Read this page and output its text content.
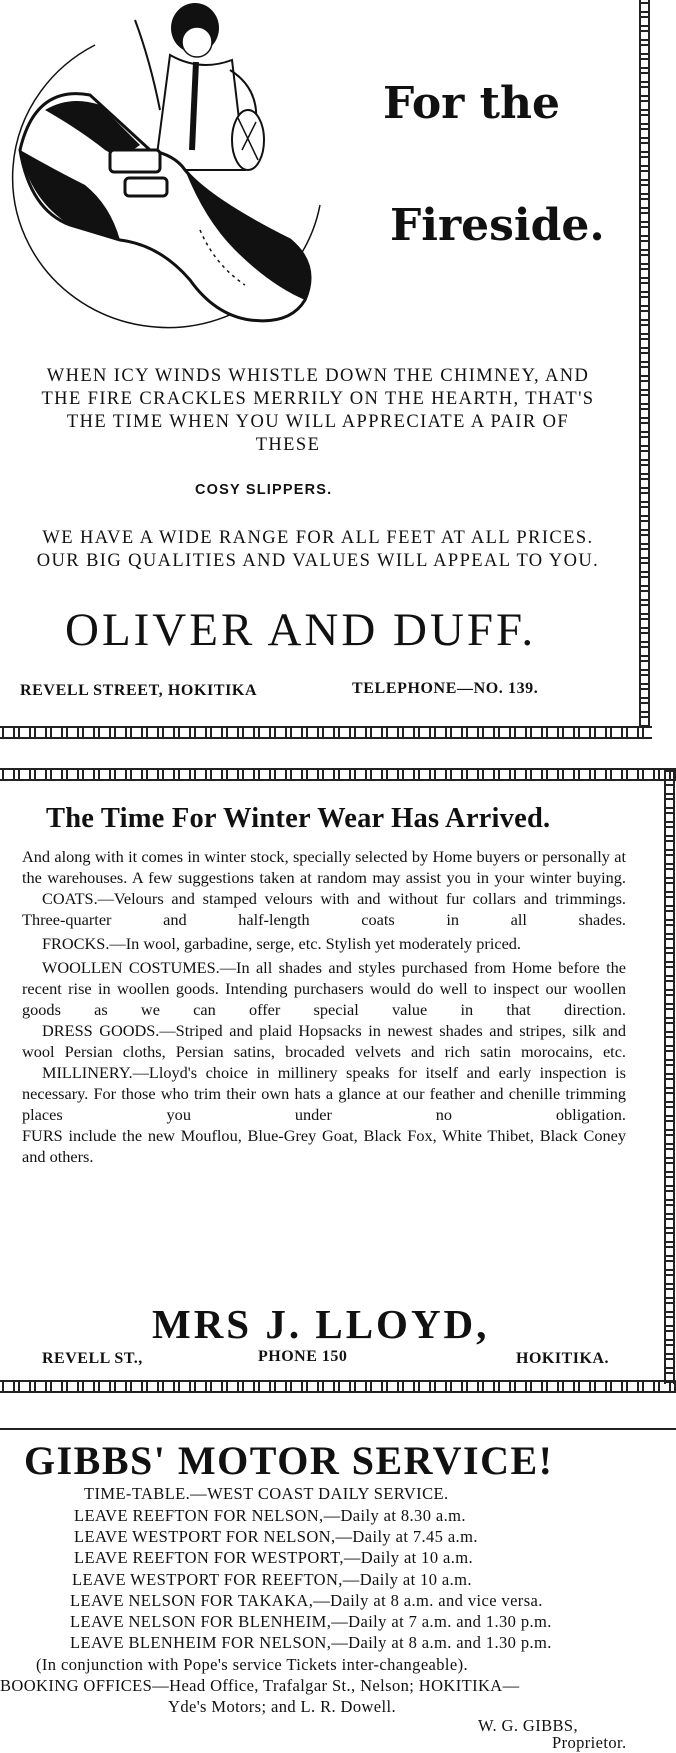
For the
Fireside.
WHEN ICY WINDS WHISTLE DOWN THE CHIMNEY, AND
THE FIRE CRACKLES MERRILY ON THE HEARTH, THAT'S
THE TIME WHEN YOU WILL APPRECIATE A PAIR OF
THESE
COSY SLIPPERS.
WE HAVE A WIDE RANGE FOR ALL FEET AT ALL PRICES.
OUR BIG QUALITIES AND VALUES WILL APPEAL TO YOU.
OLIVER AND DUFF.
REVELL STREET, HOKITIKA	TELEPHONE—NO. 139.
The Time For Winter Wear Has Arrived.

And along with it comes in winter stock, specially selected by Home buyers or personally at the warehouses. A few suggestions taken at random may assist you in your winter buying.

COATS.—Velours and stamped velours with and without fur collars and trimmings. Three-quarter and half-length coats in all shades.

FROCKS.—In wool, garbadine, serge, etc. Stylish yet moderately priced.

WOOLLEN COSTUMES.—In all shades and styles purchased from Home before the recent rise in woollen goods. Intending purchasers would do well to inspect our woollen goods as we can offer special value in that direction.

DRESS GOODS.—Striped and plaid Hopsacks in newest shades and stripes, silk and wool Persian cloths, Persian satins, brocaded velvets and rich satin morocains, etc.

MILLINERY.—Lloyd's choice in millinery speaks for itself and early inspection is necessary. For those who trim their own hats a glance at our feather and chenille trimming places you under no obligation.

FURS include the new Mouflou, Blue-Grey Goat, Black Fox, White Thibet, Black Coney and others.

MRS J. LLOYD,
REVELL ST.,	PHONE 150	HOKITIKA.
GIBBS' MOTOR SERVICE!
TIME-TABLE.—WEST COAST DAILY SERVICE.
LEAVE REEFTON FOR NELSON,—Daily at 8.30 a.m.
LEAVE WESTPORT FOR NELSON,—Daily at 7.45 a.m.
LEAVE REEFTON FOR WESTPORT,—Daily at 10 a.m.
LEAVE WESTPORT FOR REEFTON,—Daily at 10 a.m.
LEAVE NELSON FOR TAKAKA,—Daily at 8 a.m. and vice versa.
LEAVE NELSON FOR BLENHEIM,—Daily at 7 a.m. and 1.30 p.m.
LEAVE BLENHEIM FOR NELSON,—Daily at 8 a.m. and 1.30 p.m.
(In conjunction with Pope's service Tickets inter-changeable).
BOOKING OFFICES—Head Office, Trafalgar St., Nelson; HOKITIKA—
Yde's Motors; and L. R. Dowell.
W. G. GIBBS,
Proprietor.
